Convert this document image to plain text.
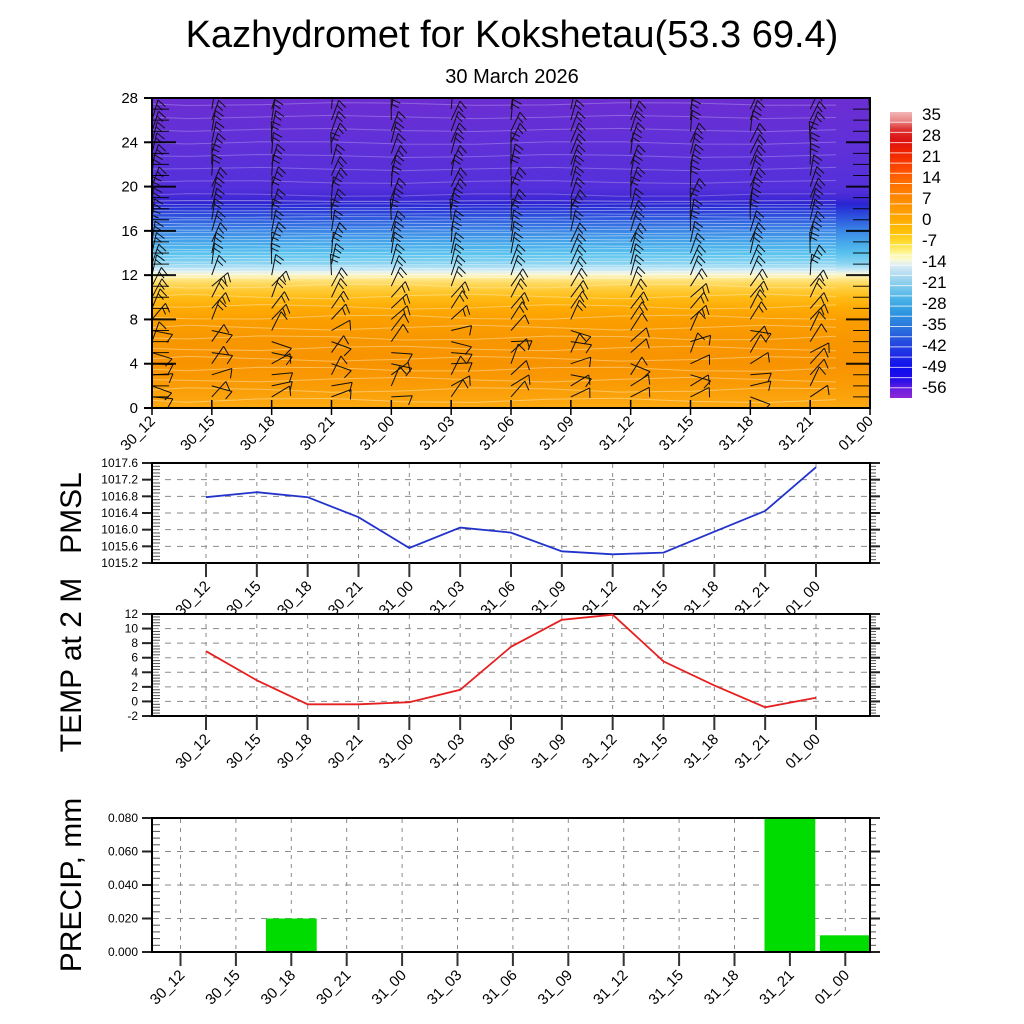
Kazhydromet for Kokshetau(53.3 69.4)
30 March 2026
PMSL
TEMP at 2 M
PRECIP, mm
0
4
8
12
16
20
24
28
30_12 30_15 30_18 30_21 31_00 31_03 31_06 31_09 31_12 31_15 31_18 31_21 01_00
35
28
21
14
7
0
-7
-14
-21
-28
-35
-42
-49
-56
1015.2
1015.6
1016.0
1016.4
1016.8
1017.2
1017.6
30_12 30_15 30_18 30_21 31_00 31_03 31_06 31_09 31_12 31_15 31_18 31_21 01_00
-2
0
2
4
6
8
10
12
30_12 30_15 30_18 30_21 31_00 31_03 31_06 31_09 31_12 31_15 31_18 31_21 01_00
0.000
0.020
0.040
0.060
0.080
30_12 30_15 30_18 30_21 31_00 31_03 31_06 31_09 31_12 31_15 31_18 31_21 01_00
